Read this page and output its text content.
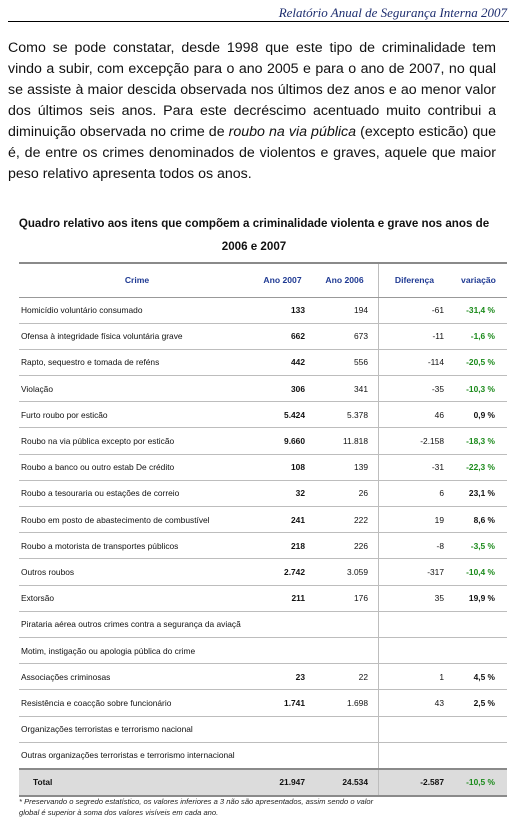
Relatório Anual de Segurança Interna 2007
Como se pode constatar, desde 1998 que este tipo de criminalidade tem vindo a subir, com excepção para o ano 2005 e para o ano de 2007, no qual se assiste à maior descida observada nos últimos dez anos e ao menor valor dos últimos seis anos. Para este decréscimo acentuado muito contribui a diminuição observada no crime de roubo na via pública (excepto esticão) que é, de entre os crimes denominados de violentos e graves, aquele que maior peso relativo apresenta todos os anos.
Quadro relativo aos itens que compõem a criminalidade violenta e grave nos anos de 2006 e 2007
Crime	Ano 2007	Ano 2006	Diferença	variação
Homicídio voluntário consumado	133	194	-61	-31,4 %
Ofensa à integridade física voluntária grave	662	673	-11	-1,6 %
Rapto, sequestro e tomada de reféns	442	556	-114	-20,5 %
Violação	306	341	-35	-10,3 %
Furto roubo por esticão	5.424	5.378	46	0,9 %
Roubo na via pública excepto por esticão	9.660	11.818	-2.158	-18,3 %
Roubo a banco ou outro estab De crédito	108	139	-31	-22,3 %
Roubo a tesouraria ou estações de correio	32	26	6	23,1 %
Roubo em posto de abastecimento de combustível	241	222	19	8,6 %
Roubo a motorista de transportes públicos	218	226	-8	-3,5 %
Outros roubos	2.742	3.059	-317	-10,4 %
Extorsão	211	176	35	19,9 %
Pirataria aérea outros crimes contra a segurança da aviaçã				
Motim, instigação ou apologia pública do crime				
Associações criminosas	23	22	1	4,5 %
Resistência e coacção sobre funcionário	1.741	1.698	43	2,5 %
Organizações terroristas e terrorismo nacional				
Outras organizações terroristas e terrorismo internacional				
Total	21.947	24.534	-2.587	-10,5 %
* Preservando o segredo estatístico, os valores inferiores a 3 não são apresentados, assim sendo o valor global é superior à soma dos valores visíveis em cada ano.
